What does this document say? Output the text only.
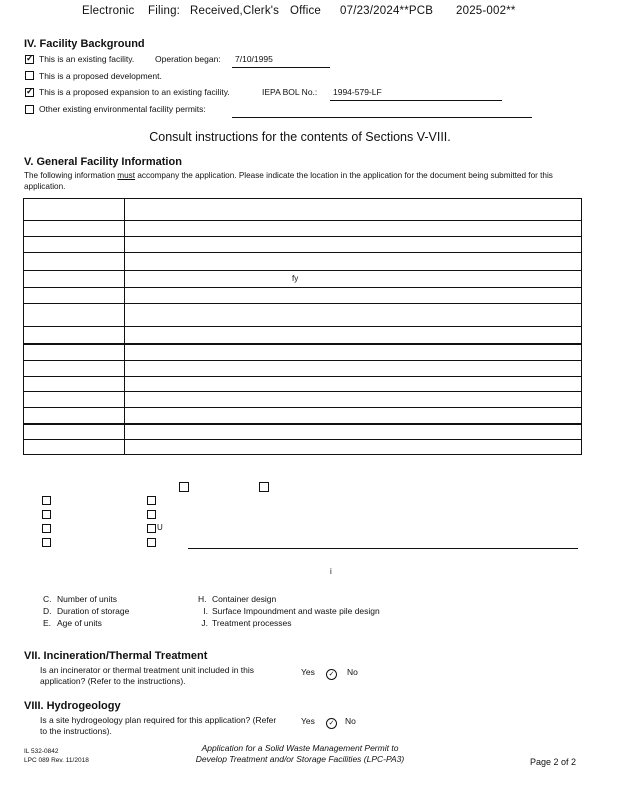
Electronic Filing: Received,Clerk's Office 07/23/2024**PCB 2025-002**
IV. Facility Background
✓
This is an existing facility. Operation began: 7/10/1995
This is a proposed development.
✓
This is a proposed expansion to an existing facility.	IEPA BOL No.: 1994-579-LF
Other existing environmental facility permits:
Consult instructions for the contents of Sections V-VIII.
V. General Facility Information
The following information must accompany the application. Please indicate the location in the application for the document being submitted for this application.
fy
U
i
C. Number of units
D. Duration of storage
E. Age of units
H. Container design
I. Surface Impoundment and waste pile design
J. Treatment processes
VII. Incineration/Thermal Treatment
Is an incinerator or thermal treatment unit included in this application? (Refer to the instructions).
Yes	✓	No
VIII. Hydrogeology
Is a site hydrogeology plan required for this application? (Refer to the instructions).
Yes	✓	No
IL 532-0842
LPC 089 Rev. 11/2018
Application for a Solid Waste Management Permit to
Develop Treatment and/or Storage Facilities (LPC-PA3)	Page 2 of 2
